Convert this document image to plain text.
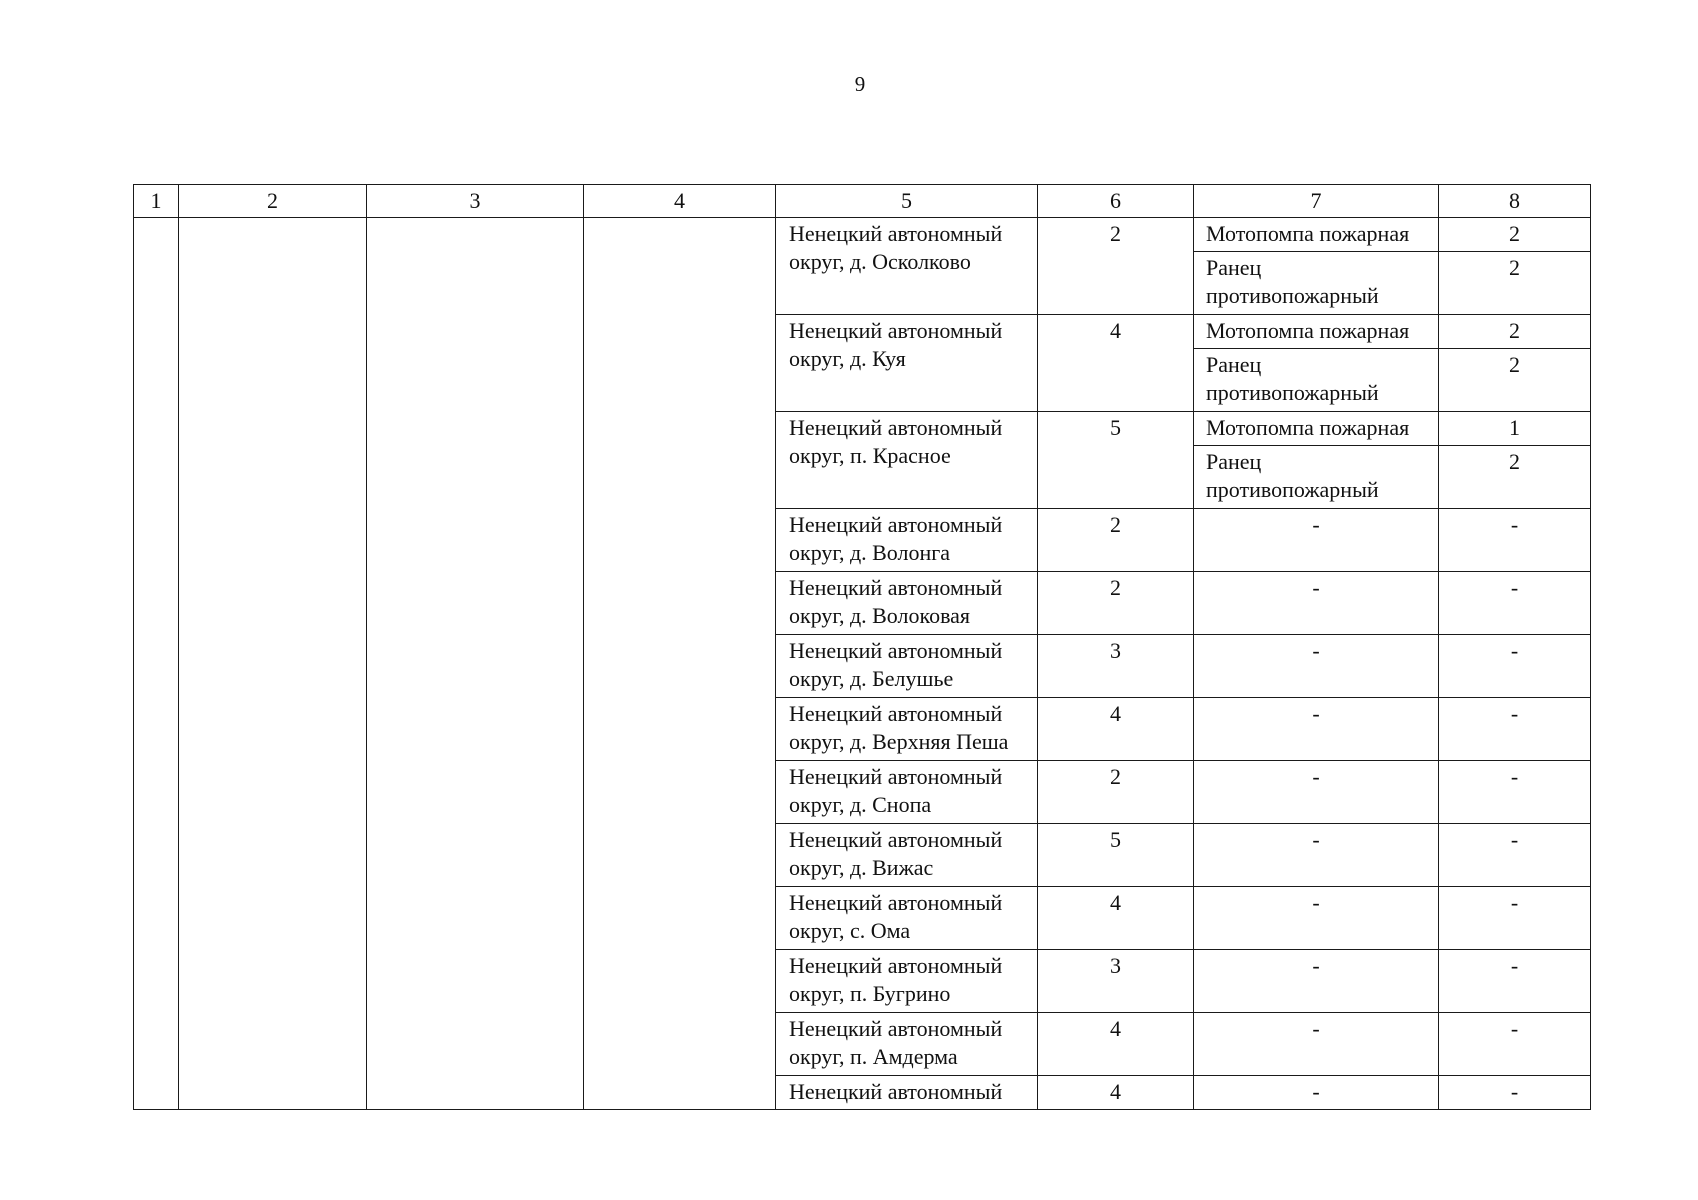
9
1	2	3	4	5	6	7	8
				Ненецкий автономный
округ, д. Осколково	2	Мотопомпа пожарная	2
						Ранец
противопожарный	2
				Ненецкий автономный
округ, д. Куя	4	Мотопомпа пожарная	2
						Ранец
противопожарный	2
				Ненецкий автономный
округ, п. Красное	5	Мотопомпа пожарная	1
						Ранец
противопожарный	2
				Ненецкий автономный
округ, д. Волонга	2	-	-
				Ненецкий автономный
округ, д. Волоковая	2	-	-
				Ненецкий автономный
округ, д. Белушье	3	-	-
				Ненецкий автономный
округ, д. Верхняя Пеша	4	-	-
				Ненецкий автономный
округ, д. Снопа	2	-	-
				Ненецкий автономный
округ, д. Вижас	5	-	-
				Ненецкий автономный
округ, с. Ома	4	-	-
				Ненецкий автономный
округ, п. Бугрино	3	-	-
				Ненецкий автономный
округ, п. Амдерма	4	-	-
				Ненецкий автономный	4	-	-
